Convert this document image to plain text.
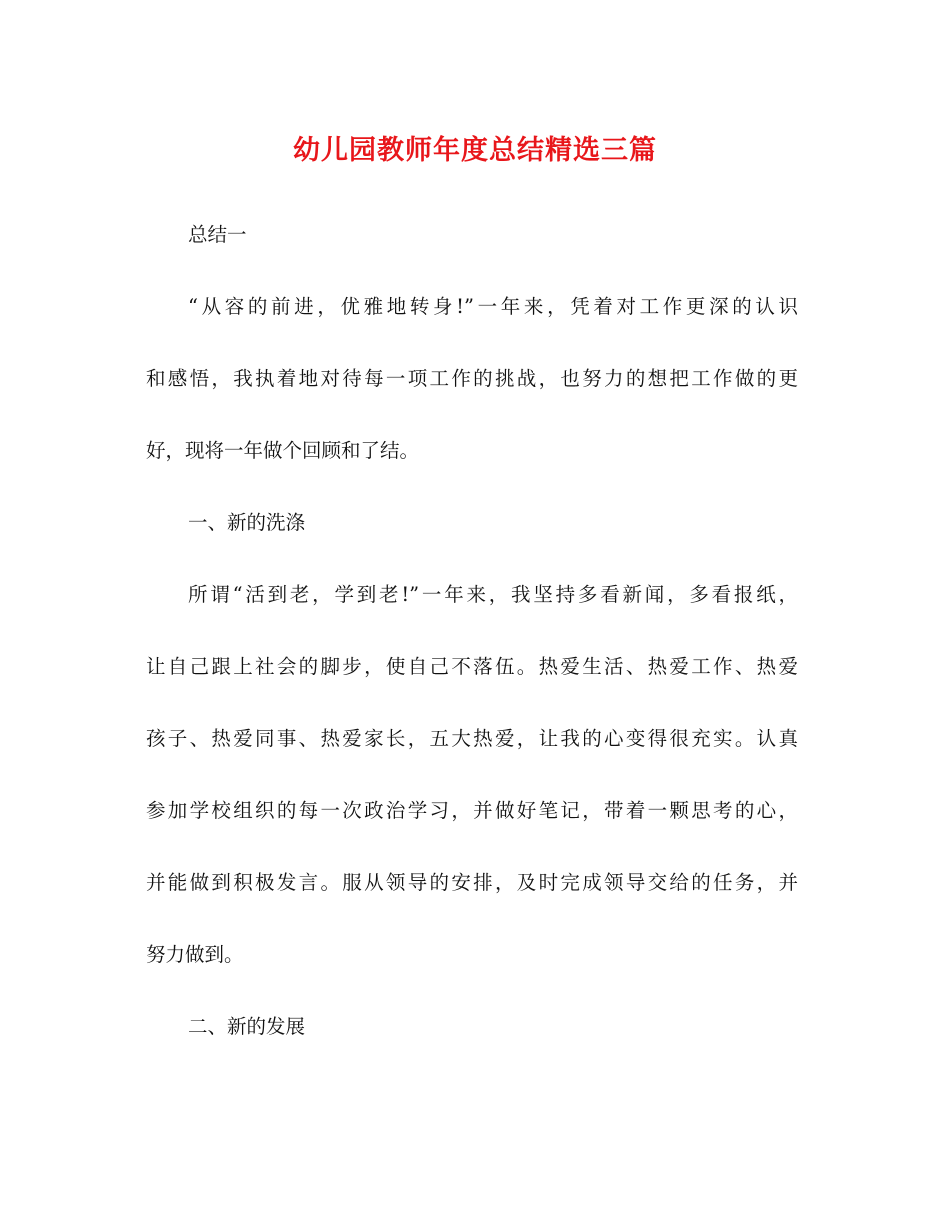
幼儿园教师年度总结精选三篇
总结一
“从容的前进，优雅地转身!”一年来，凭着对工作更深的认识
和感悟，我执着地对待每一项工作的挑战，也努力的想把工作做的更
好，现将一年做个回顾和了结。
一、新的洗涤
所谓“活到老，学到老!”一年来，我坚持多看新闻，多看报纸，
让自己跟上社会的脚步，使自己不落伍。热爱生活、热爱工作、热爱
孩子、热爱同事、热爱家长，五大热爱，让我的心变得很充实。认真
参加学校组织的每一次政治学习，并做好笔记，带着一颗思考的心，
并能做到积极发言。服从领导的安排，及时完成领导交给的任务，并
努力做到。
二、新的发展
